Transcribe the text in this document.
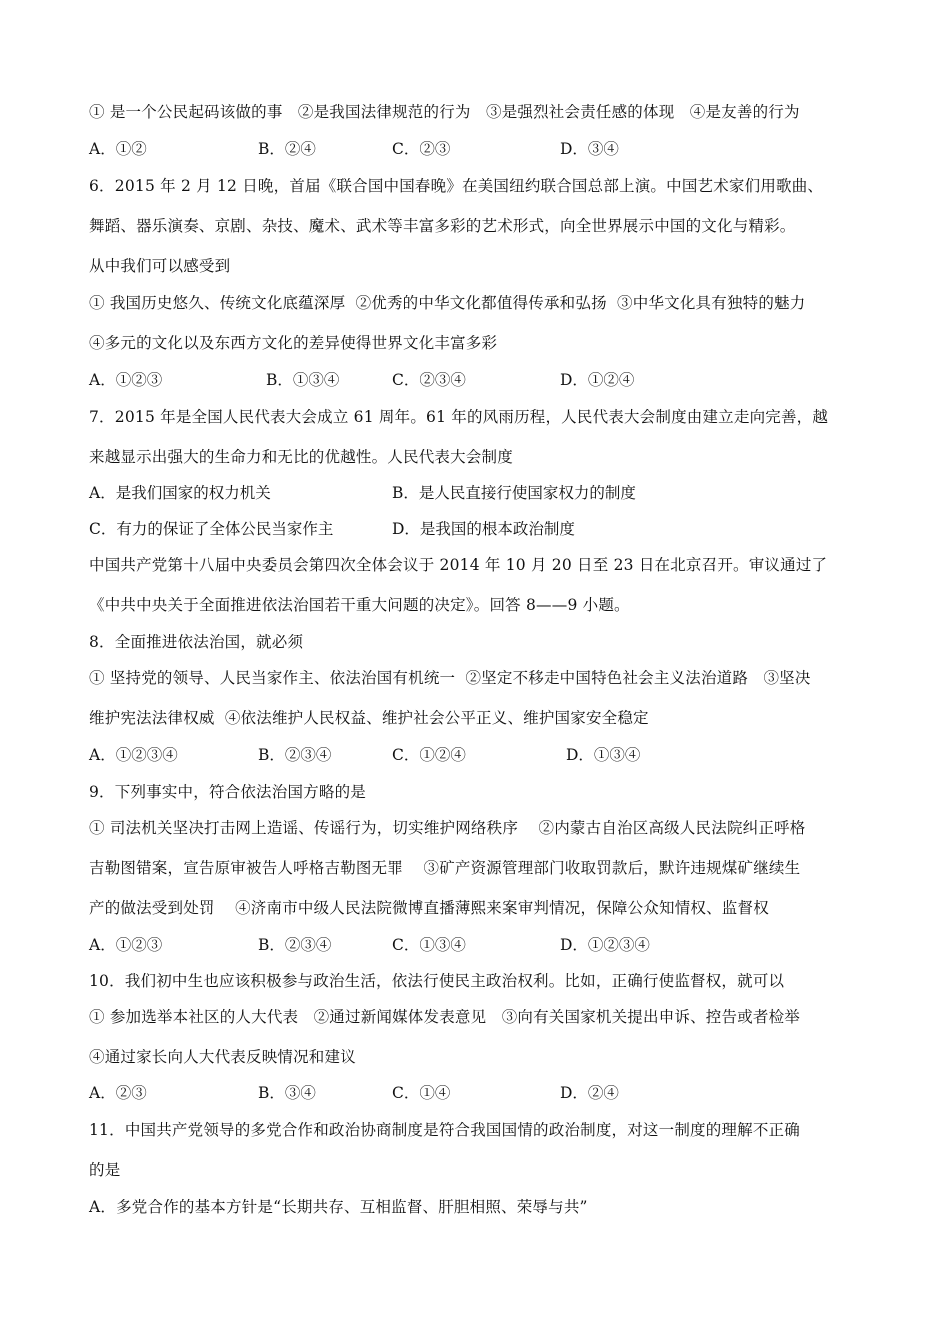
① 是一个公民起码该做的事   ②是我国法律规范的行为   ③是强烈社会责任感的体现   ④是友善的行为
A．①②	B．②④	C．②③	D．③④
6．2015 年 2 月 12 日晚，首届《联合国中国春晚》在美国纽约联合国总部上演。中国艺术家们用歌曲、
舞蹈、器乐演奏、京剧、杂技、魔术、武术等丰富多彩的艺术形式，向全世界展示中国的文化与精彩。
从中我们可以感受到
① 我国历史悠久、传统文化底蕴深厚  ②优秀的中华文化都值得传承和弘扬  ③中华文化具有独特的魅力
④多元的文化以及东西方文化的差异使得世界文化丰富多彩
A．①②③	B．①③④	C．②③④	D．①②④
7．2015 年是全国人民代表大会成立 61 周年。61 年的风雨历程，人民代表大会制度由建立走向完善，越
来越显示出强大的生命力和无比的优越性。人民代表大会制度
A．是我们国家的权力机关	B．是人民直接行使国家权力的制度
C．有力的保证了全体公民当家作主	D．是我国的根本政治制度
中国共产党第十八届中央委员会第四次全体会议于 2014 年 10 月 20 日至 23 日在北京召开。审议通过了
《中共中央关于全面推进依法治国若干重大问题的决定》。回答 8——9 小题。
8．全面推进依法治国，就必须
① 坚持党的领导、人民当家作主、依法治国有机统一  ②坚定不移走中国特色社会主义法治道路   ③坚决
维护宪法法律权威  ④依法维护人民权益、维护社会公平正义、维护国家安全稳定
A．①②③④	B．②③④	C．①②④	D．①③④
9．下列事实中，符合依法治国方略的是
① 司法机关坚决打击网上造谣、传谣行为，切实维护网络秩序    ②内蒙古自治区高级人民法院纠正呼格
吉勒图错案，宣告原审被告人呼格吉勒图无罪    ③矿产资源管理部门收取罚款后，默许违规煤矿继续生
产的做法受到处罚    ④济南市中级人民法院微博直播薄熙来案审判情况，保障公众知情权、监督权
A．①②③	B．②③④	C．①③④	D．①②③④
10．我们初中生也应该积极参与政治生活，依法行使民主政治权利。比如，正确行使监督权，就可以
① 参加选举本社区的人大代表   ②通过新闻媒体发表意见   ③向有关国家机关提出申诉、控告或者检举
④通过家长向人大代表反映情况和建议
A．②③	B．③④	C．①④	D．②④
11．中国共产党领导的多党合作和政治协商制度是符合我国国情的政治制度，对这一制度的理解不正确
的是
A．多党合作的基本方针是“长期共存、互相监督、肝胆相照、荣辱与共”
